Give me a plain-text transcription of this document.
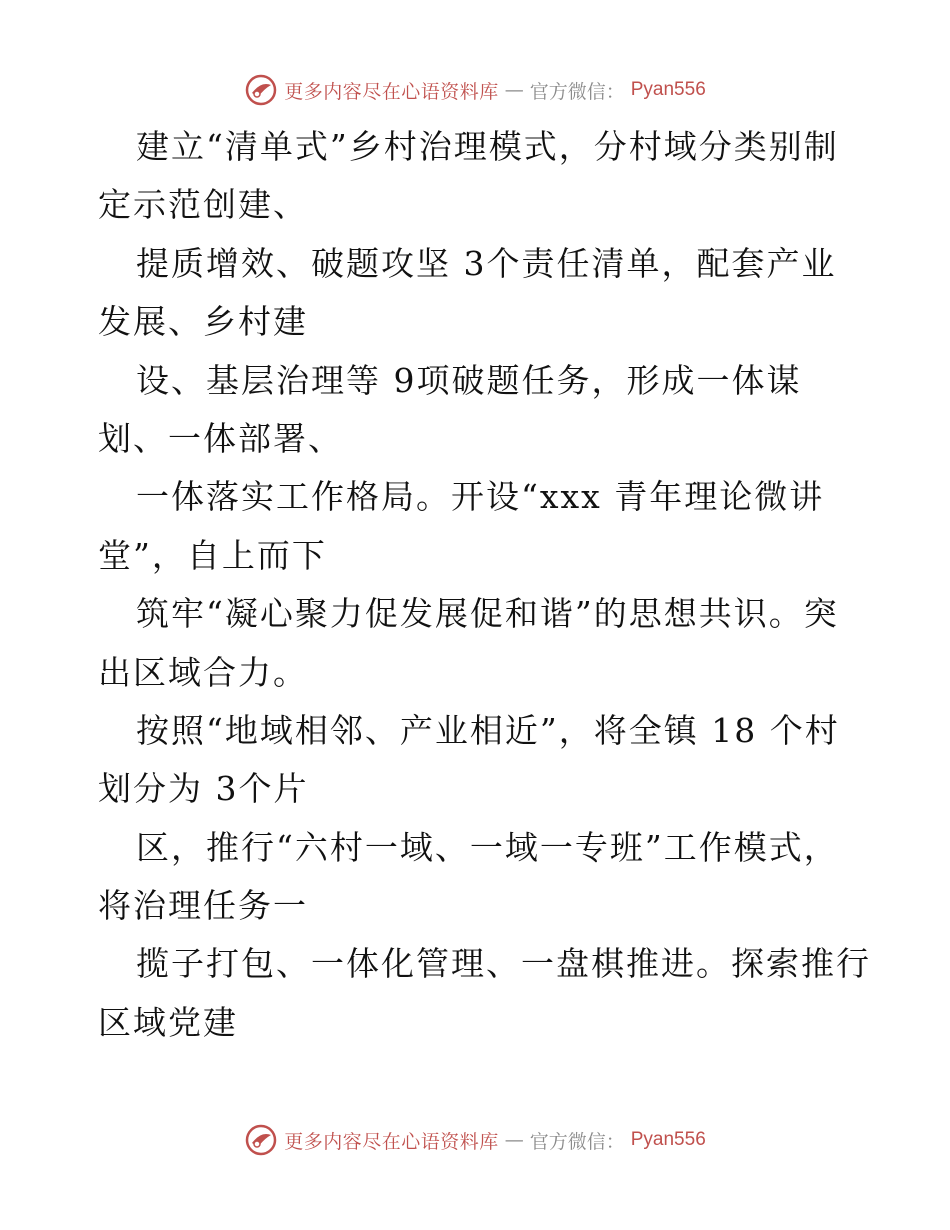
更多内容尽在心语资料库 — 官方微信： Pyan556
建立“清单式”乡村治理模式，分村域分类别制
定示范创建、
提质增效、破题攻坚 3个责任清单，配套产业
发展、乡村建
设、基层治理等 9项破题任务，形成一体谋
划、一体部署、
一体落实工作格局。开设“xxx 青年理论微讲
堂”，自上而下
筑牢“凝心聚力促发展促和谐”的思想共识。突
出区域合力。
按照“地域相邻、产业相近”，将全镇 18 个村
划分为 3个片
区，推行“六村一域、一域一专班”工作模式，
将治理任务一
揽子打包、一体化管理、一盘棋推进。探索推行
区域党建
更多内容尽在心语资料库 — 官方微信： Pyan556
